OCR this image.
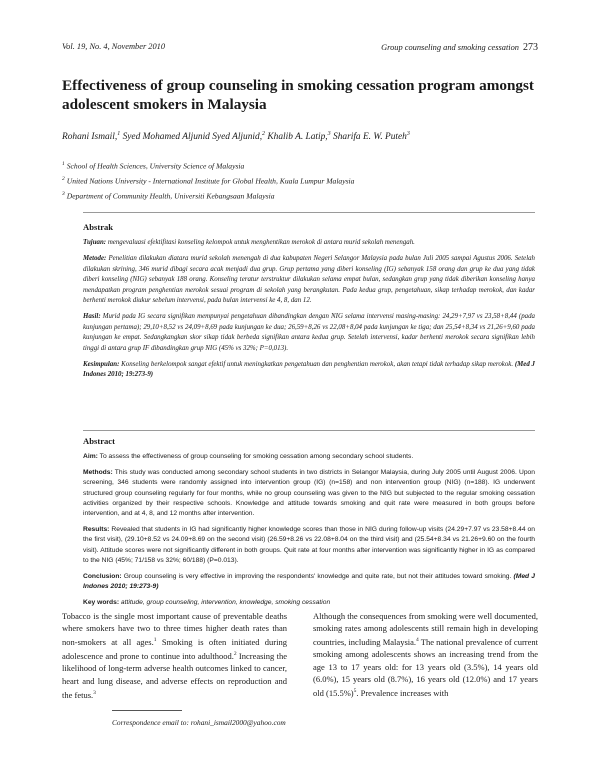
Vol. 19, No. 4, November 2010	Group counseling and smoking cessation 273
Effectiveness of group counseling in smoking cessation program amongst adolescent smokers in Malaysia

Rohani Ismail,$^1$ Syed Mohamed Aljunid Syed Aljunid,$^2$ Khalib A. Latip,$^3$ Sharifa E. W. Puteh$^3$

$^1$ School of Health Sciences, University Science of Malaysia
$^2$ United Nations University - International Institute for Global Health, Kuala Lumpur Malaysia
$^3$ Department of Community Health, Universiti Kebangsaan Malaysia
Abstrak

Tujuan: mengevaluasi efektifitasi konseling kelompok untuk menghentikan merokok di antara murid sekolah menengah.

Metode: Penelitian dilakukan diatara murid sekolah menengah di dua kabupaten Negeri Selangor Malaysia pada bulan Juli 2005 sampai Agustus 2006. Setelah dilakukan skrining, 346 murid dibagi secara acak menjadi dua grup. Grup pertama yang diberi konseling (IG) sebanyak 158 orang dan grup ke dua yang tidak diberi konseling (NIG) sebanyak 188 orang. Konseling teratur terstruktur dilakukan selama empat bulan, sedangkan grup yang tidak diberikan konseling hanya mendapatkan program penghentian merokok sesuai program di sekolah yang berangkutan. Pada kedua grup, pengetahuan, sikap terhadap merokok, dan kadar berhenti merokok diukur sebelum intervensi, pada bulan intervensi ke 4, 8, dan 12.

Hasil: Murid pada IG secara signifikan mempunyai pengetahuan dibandingkan dengan NIG selama intervensi masing-masing: 24,29+7,97 vs 23,58+8,44 (pada kunjungan pertama); 29,10+8,52 vs 24,09+8,69 pada kunjungan ke dua; 26,59+8,26 vs 22,08+8,04 pada kunjungan ke tiga; dan 25,54+8,34 vs 21,26+9,60 pada kunjungan ke empat. Sedangkangkan skor sikap tidak berbeda signifikan antara kedua grup. Setelah intervensi, kadar berhenti merokok secara signifikan lebih tinggi di antara grup IF dibandingkan grup NIG (45% vs 32%; P=0,013).

Kesimpulan: Konseling berkelompok sangat efektif untuk meningkatkan pengetahuan dan penghentian merokok, akan tetapi tidak terhadap sikap merokok. (Med J Indones 2010; 19:273-9)

Abstract

Aim: To assess the effectiveness of group counseling for smoking cessation among secondary school students.

Methods: This study was conducted among secondary school students in two districts in Selangor Malaysia, during July 2005 until August 2006. Upon screening, 346 students were randomly assigned into intervention group (IG) (n=158) and non intervention group (NIG) (n=188). IG underwent structured group counseling regularly for four months, while no group counseling was given to the NIG but subjected to the regular smoking cessation activities organized by their respective schools. Knowledge and attitude towards smoking and quit rate were measured in both groups before intervention, and at 4, 8, and 12 months after intervention.

Results: Revealed that students in IG had significantly higher knowledge scores than those in NIG during follow-up visits (24.29+7.97 vs 23.58+8.44 on the first visit), (29.10+8.52 vs 24.09+8.69 on the second visit) (26.59+8.26 vs 22.08+8.04 on the third visit) and (25.54+8.34 vs 21.26+9.60 on the fourth visit). Attitude scores were not significantly different in both groups. Quit rate at four months after intervention was significantly higher in IG as compared to the NIG (45%; 71/158 vs 32%; 60/188) (P=0.013).

Conclusion: Group counseling is very effective in improving the respondents' knowledge and quite rate, but not their attitudes toward smoking. (Med J Indones 2010; 19:273-9)

Key words: attitude, group counseling, intervention, knowledge, smoking cessation

Tobacco is the single most important cause of preventable deaths where smokers have two to three times higher death rates than non-smokers at all ages.$^1$ Smoking is often initiated during adolescence and prone to continue into adulthood.$^2$ Increasing the likelihood of long-term adverse health outcomes linked to cancer, heart and lung disease, and adverse effects on reproduction and the fetus.$^3$

Although the consequences from smoking were well documented, smoking rates among adolescents still remain high in developing countries, including Malaysia.$^4$ The national prevalence of current smoking among adolescents shows an increasing trend from the age 13 to 17 years old: for 13 years old (3.5%), 14 years old (6.0%), 15 years old (8.7%), 16 years old (12.0%) and 17 years old $(15.5\%)^5$. Prevalence increases with

Correspondence email to: rohani_ismail2000@yahoo.com
